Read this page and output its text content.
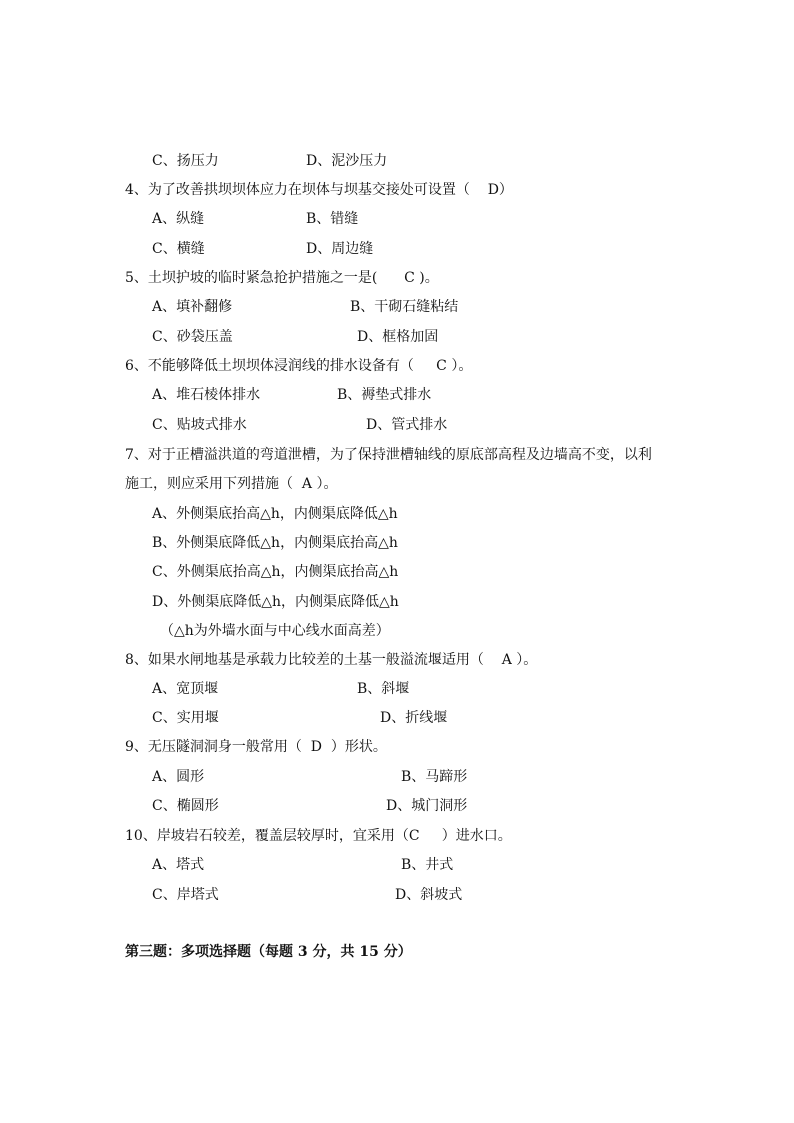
C、扬压力	D、泥沙压力
4、为了改善拱坝坝体应力在坝体与坝基交接处可设置（    D）
A、纵缝	B、错缝
C、横缝	D、周边缝
5、土坝护坡的临时紧急抢护措施之一是(      C )。
A、填补翻修	B、干砌石缝粘结
C、砂袋压盖	D、框格加固
6、不能够降低土坝坝体浸润线的排水设备有（     C ）。
A、堆石棱体排水	B、褥垫式排水
C、贴坡式排水	D、管式排水
7、对于正槽溢洪道的弯道泄槽，为了保持泄槽轴线的原底部高程及边墙高不变，以利
施工，则应采用下列措施（  A ）。
A、外侧渠底抬高△h，内侧渠底降低△h
B、外侧渠底降低△h，内侧渠底抬高△h
C、外侧渠底抬高△h，内侧渠底抬高△h
D、外侧渠底降低△h，内侧渠底降低△h
（△h为外墙水面与中心线水面高差）
8、如果水闸地基是承载力比较差的土基一般溢流堰适用（    A ）。
A、宽顶堰	B、斜堰
C、实用堰	D、折线堰
9、无压隧洞洞身一般常用（  D  ）形状。
A、圆形	B、马蹄形
C、椭圆形	D、城门洞形
10、岸坡岩石较差，覆盖层较厚时，宜采用（C     ）进水口。
A、塔式	B、井式
C、岸塔式	D、斜坡式
第三题：多项选择题（每题 3 分，共 15 分）
